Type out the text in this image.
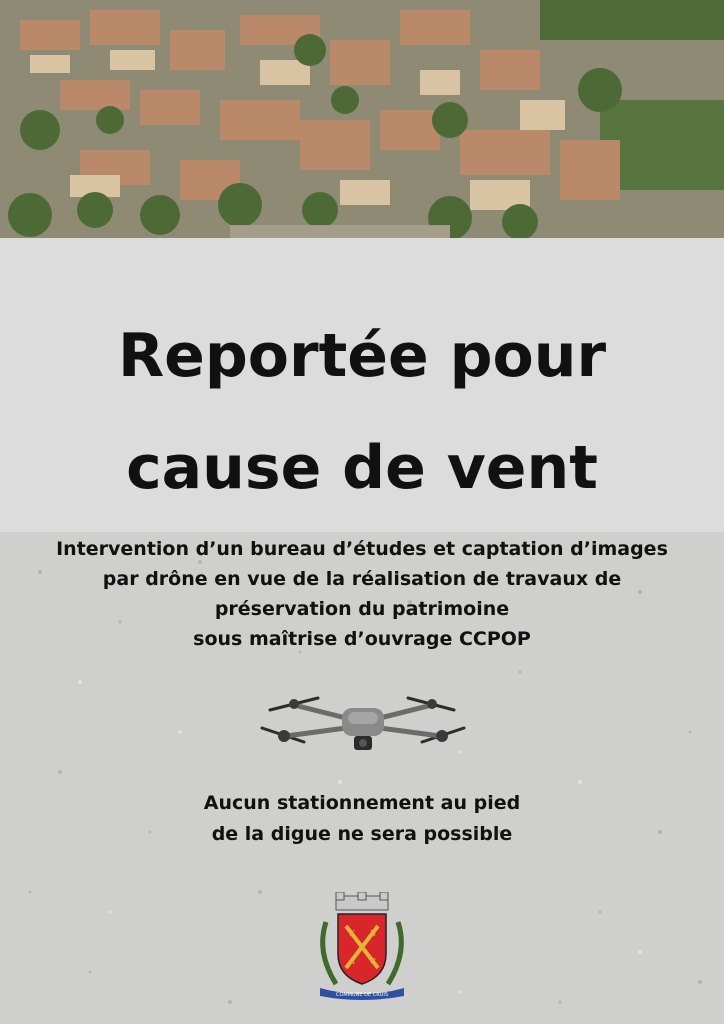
Reportée pour
cause de vent
Intervention d’un bureau d’études et captation d’images
par drône en vue de la réalisation de travaux de
préservation du patrimoine
sous maîtrise d’ouvrage CCPOP
Aucun stationnement au pied
de la digue ne sera possible
K B
A C
COMMUNE DE CRUIS
